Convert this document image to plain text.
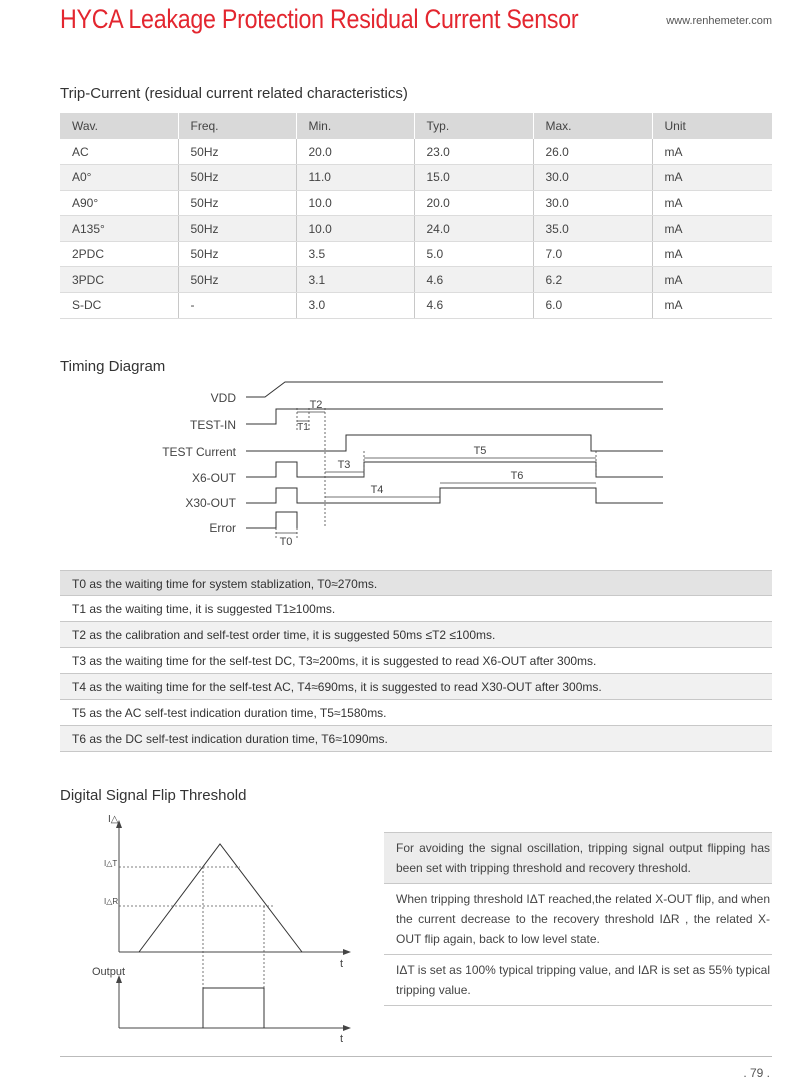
HYCA Leakage Protection Residual Current Sensor	www.renhemeter.com
Trip-Current (residual current related characteristics)
Wav.	Freq.	Min.	Typ.	Max.	Unit
AC	50Hz	20.0	23.0	26.0	mA
A0°	50Hz	11.0	15.0	30.0	mA
A90°	50Hz	10.0	20.0	30.0	mA
A135°	50Hz	10.0	24.0	35.0	mA
2PDC	50Hz	3.5	5.0	7.0	mA
3PDC	50Hz	3.1	4.6	6.2	mA
S-DC	-	3.0	4.6	6.0	mA
Timing Diagram
VDD
TEST-IN
TEST Current
X6-OUT
X30-OUT
Error
T2
T1
T3
T5
T6
T4
T0
T0 as the waiting time for system stablization, T0≈270ms.
T1 as the waiting time, it is suggested T1≥100ms.
T2 as the calibration and self-test order time, it is suggested 50ms ≤T2 ≤100ms.
T3 as the waiting time for the self-test DC, T3≈200ms, it is suggested to read X6-OUT after 300ms.
T4 as the waiting time for the self-test AC, T4≈690ms, it is suggested to read X30-OUT after 300ms.
T5 as the AC self-test indication duration time, T5≈1580ms.
T6 as the DC self-test indication duration time, T6≈1090ms.
Digital Signal Flip Threshold
I△
I△T
I△R
t
Output
t

For avoiding the signal oscillation, tripping signal output flipping has been set with tripping threshold and recovery threshold.

When tripping threshold IΔT reached,the related X-OUT flip, and when the current decrease to the recovery threshold IΔR , the related X-OUT flip again, back to low level state.

IΔT is set as 100% typical tripping value, and IΔR is set as 55% typical tripping value.

. 79 .
